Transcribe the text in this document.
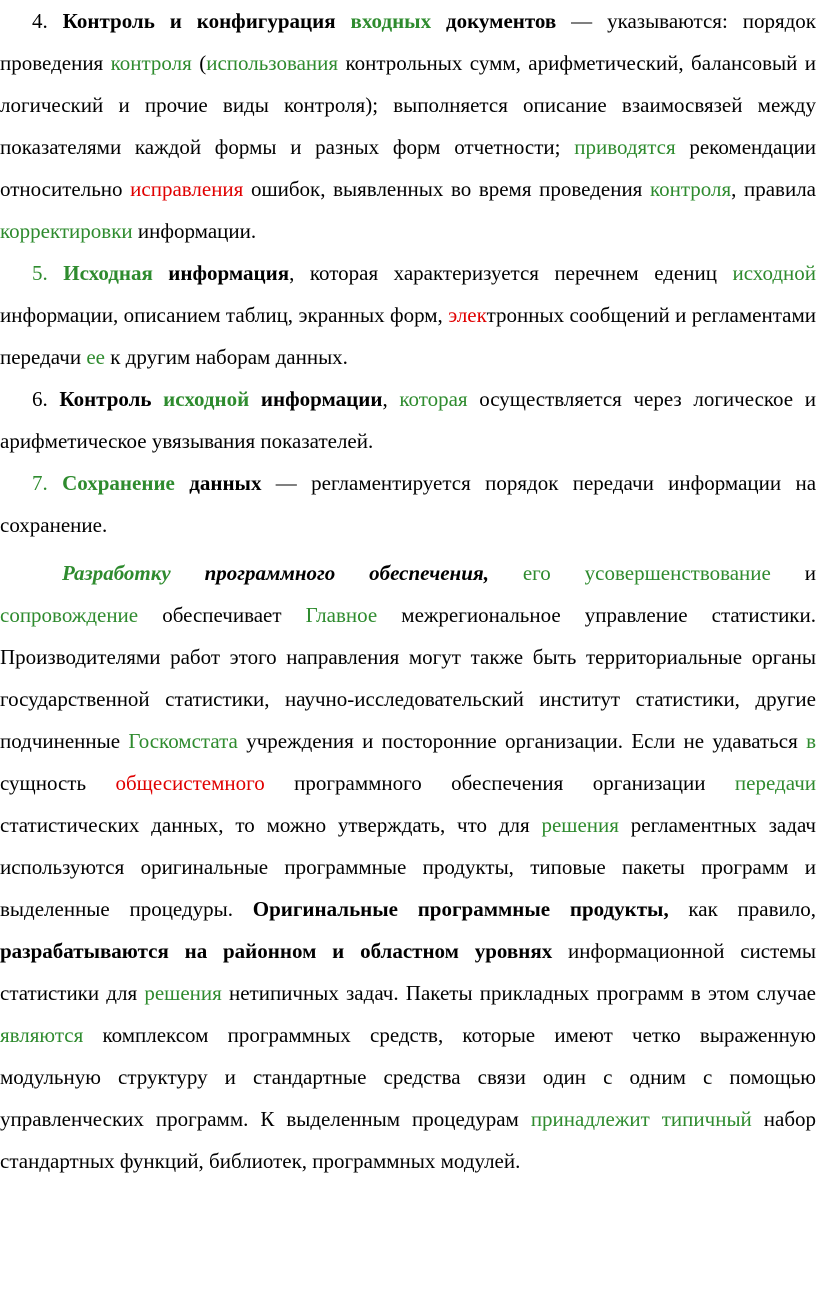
4. Контроль и конфигурация входных документов — указываются: порядок проведения контроля (использования контрольных сумм, арифметический, балансовый и логический и прочие виды контроля); выполняется описание взаимосвязей между показателями каждой формы и разных форм отчетности; приводятся рекомендации относительно исправления ошибок, выявленных во время проведения контроля, правила корректировки информации.

5. Исходная информация, которая характеризуется перечнем едениц исходной информации, описанием таблиц, экранных форм, электронных сообщений и регламентами передачи ее к другим наборам данных.

6. Контроль исходной информации, которая осуществляется через логическое и арифметическое увязывания показателей.

7. Сохранение данных — регламентируется порядок передачи информации на сохранение.

Разработку программного обеспечения, его усовершенствование и сопровождение обеспечивает Главное межрегиональное управление статистики. Производителями работ этого направления могут также быть территориальные органы государственной статистики, научно-исследовательский институт статистики, другие подчиненные Госкомстата учреждения и посторонние организации. Если не удаваться в сущность общесистемного программного обеспечения организации передачи статистических данных, то можно утверждать, что для решения регламентных задач используются оригинальные программные продукты, типовые пакеты программ и выделенные процедуры. Оригинальные программные продукты, как правило, разрабатываются на районном и областном уровнях информационной системы статистики для решения нетипичных задач. Пакеты прикладных программ в этом случае являются комплексом программных средств, которые имеют четко выраженную модульную структуру и стандартные средства связи один с одним с помощью управленческих программ. К выделенным процедурам принадлежит типичный набор стандартных функций, библиотек, программных модулей.
